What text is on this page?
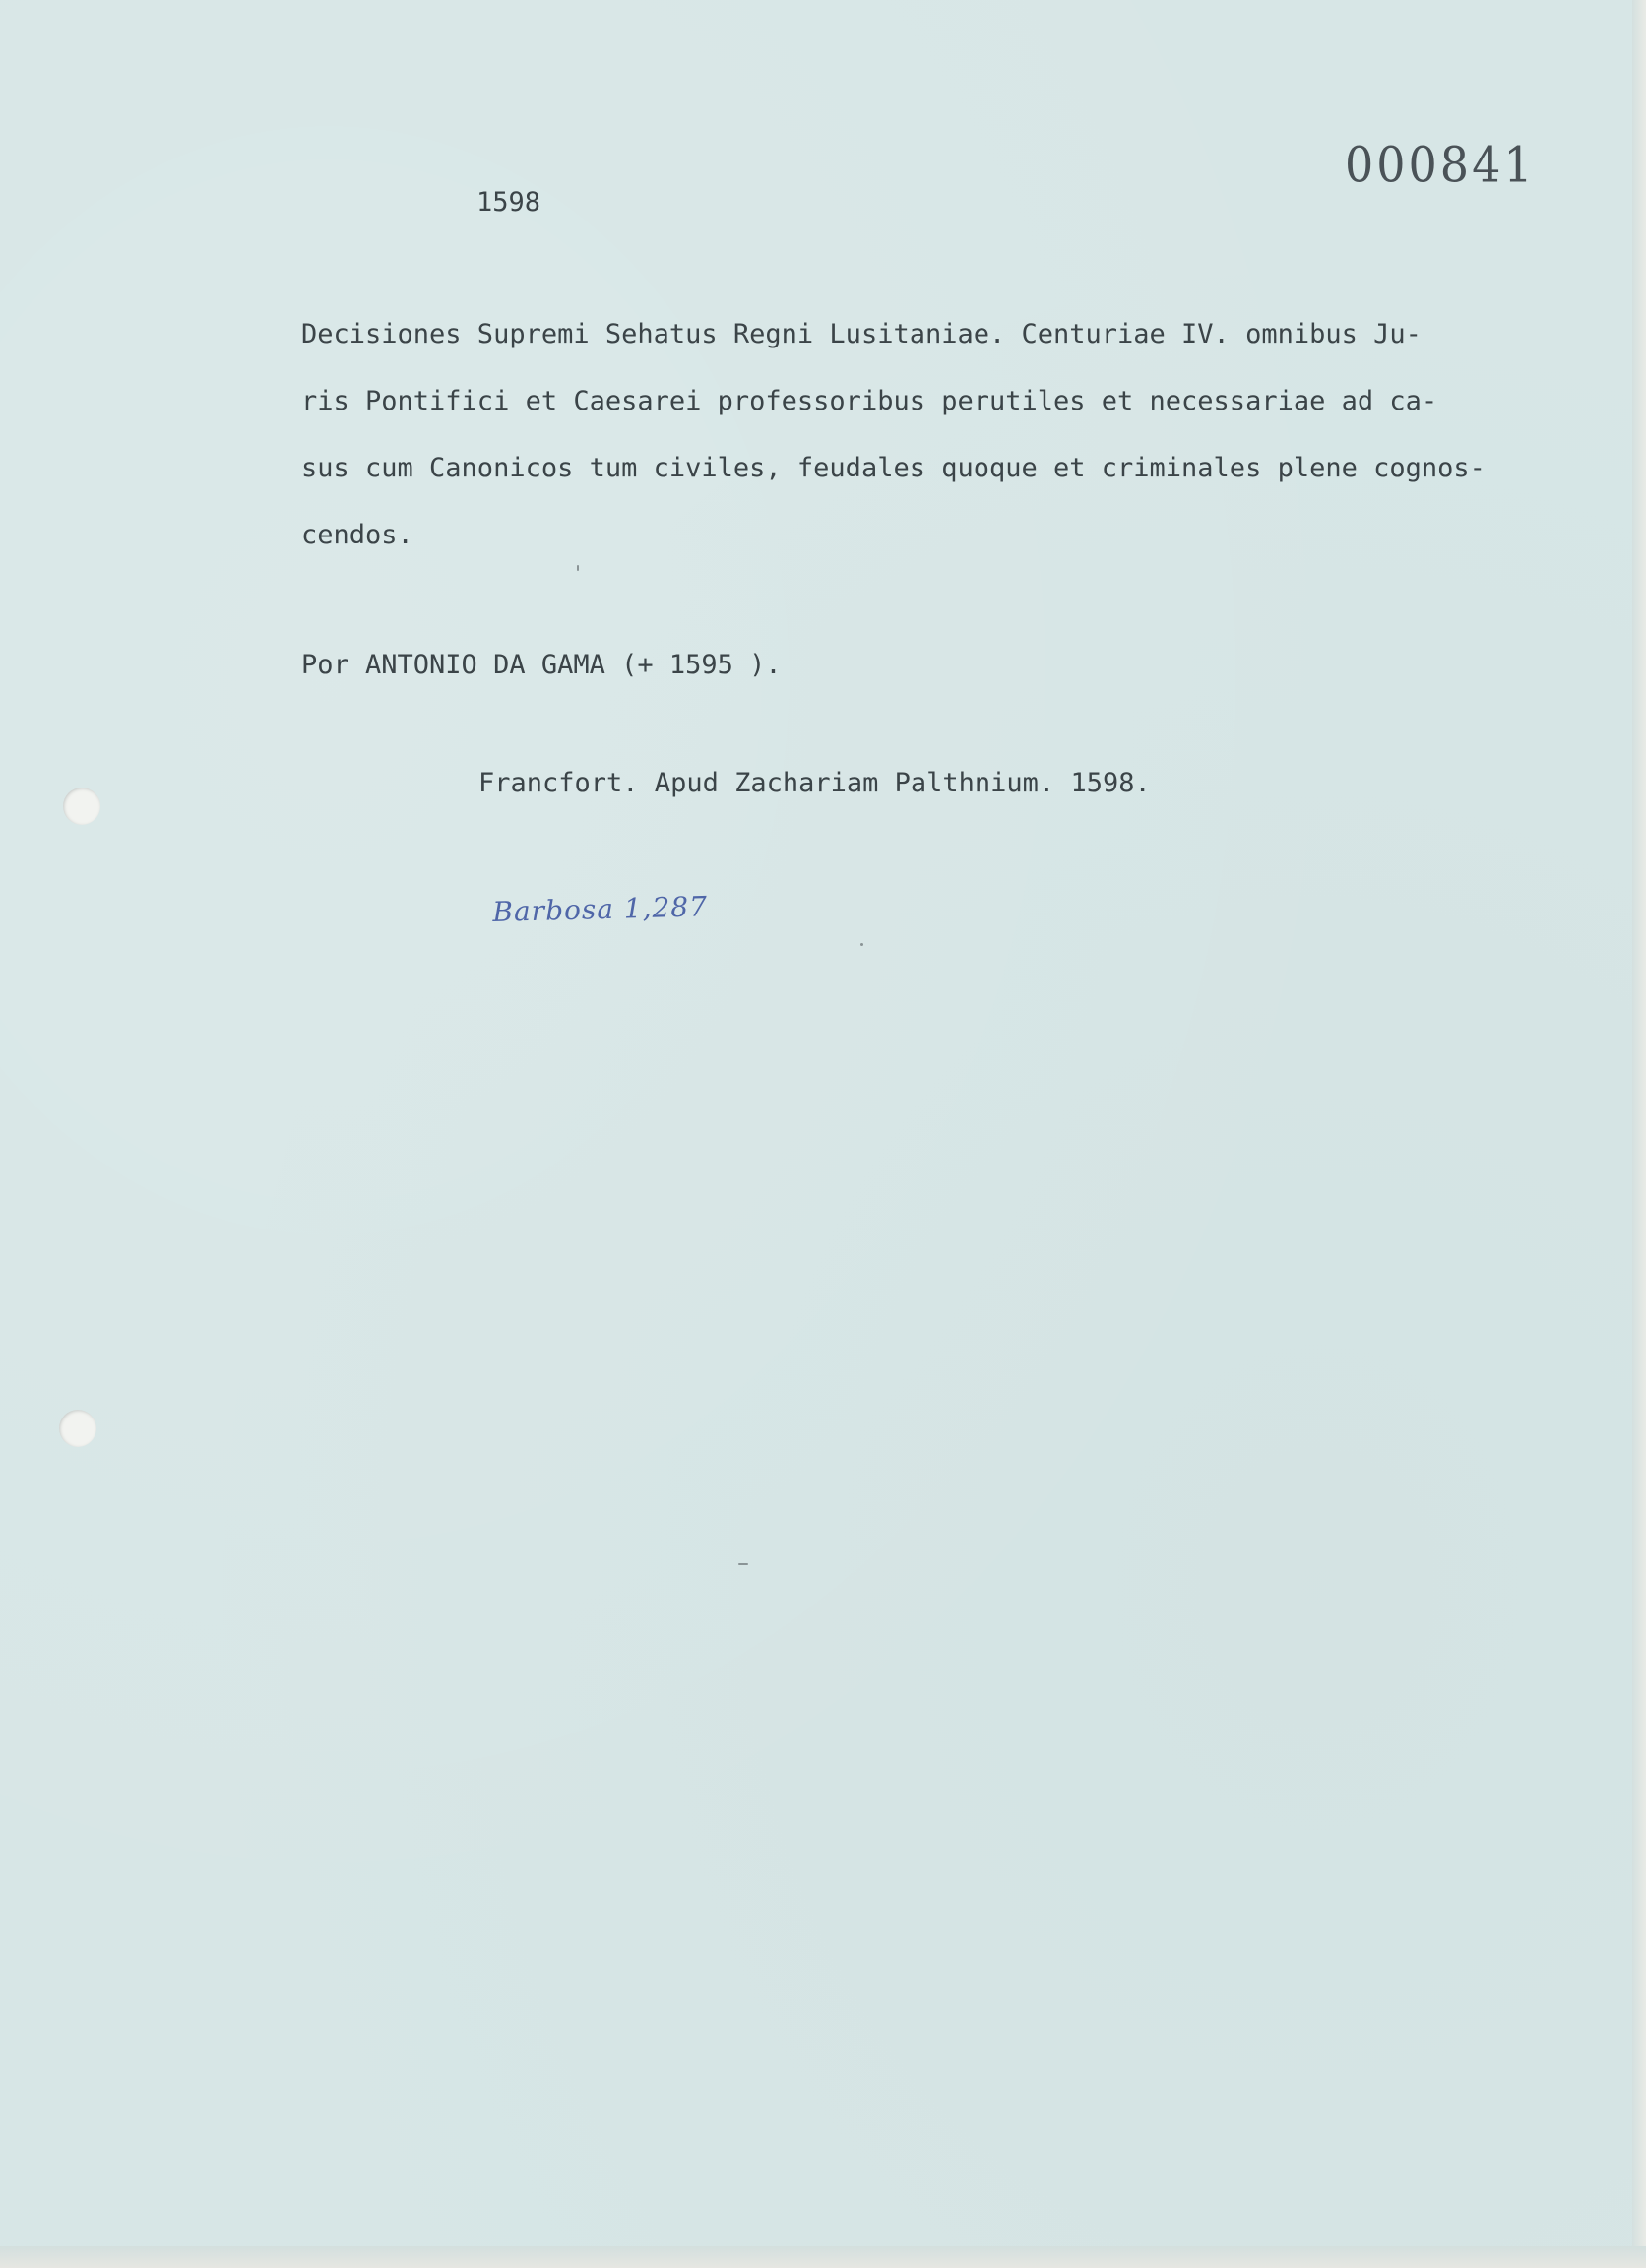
000841
1598
Decisiones Supremi Sehatus Regni Lusitaniae. Centuriae IV. omnibus Ju-
ris Pontifici et Caesarei professoribus perutiles et necessariae ad ca-
sus cum Canonicos tum civiles, feudales quoque et criminales plene cognos-
cendos.
Por ANTONIO DA GAMA (+ 1595 ).
Francfort. Apud Zachariam Palthnium. 1598.
Barbosa 1,287
